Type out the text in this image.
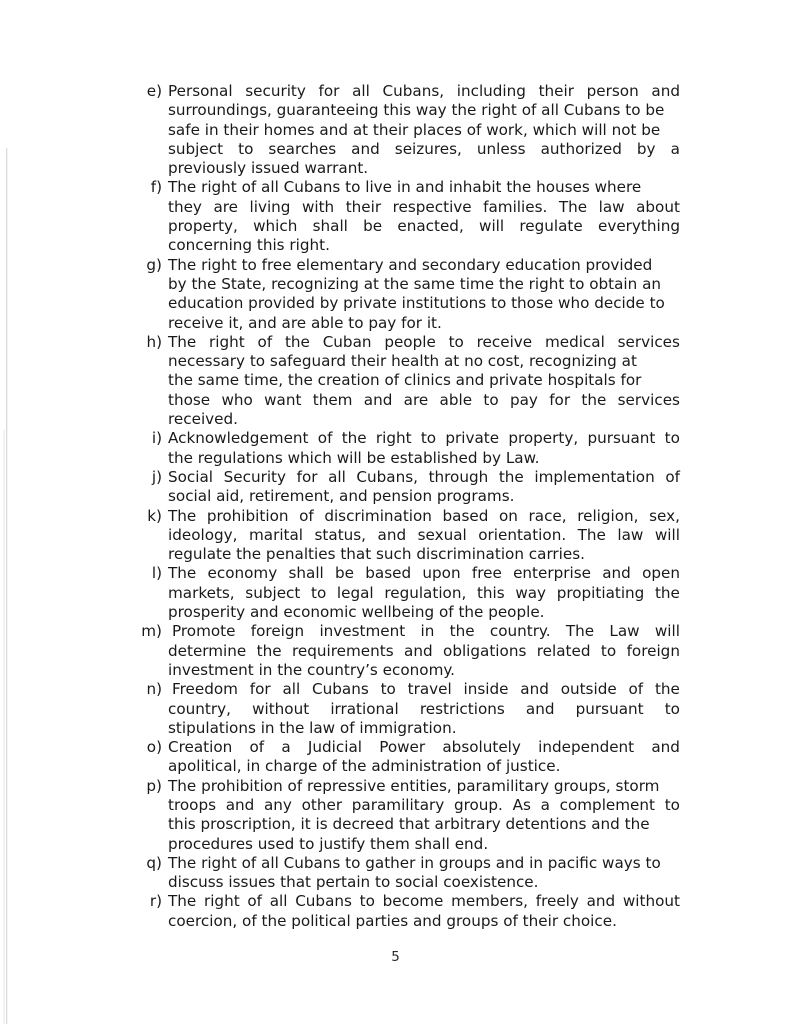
e) Personal security for all Cubans, including their person and
surroundings, guaranteeing this way the right of all Cubans to be
safe in their homes and at their places of work, which will not be
subject to searches and seizures, unless authorized by a
previously issued warrant.
f) The right of all Cubans to live in and inhabit the houses where
they are living with their respective families. The law about
property, which shall be enacted, will regulate everything
concerning this right.
g) The right to free elementary and secondary education provided
by the State, recognizing at the same time the right to obtain an
education provided by private institutions to those who decide to
receive it, and are able to pay for it.
h) The right of the Cuban people to receive medical services
necessary to safeguard their health at no cost, recognizing at
the same time, the creation of clinics and private hospitals for
those who want them and are able to pay for the services
received.
i) Acknowledgement of the right to private property, pursuant to
the regulations which will be established by Law.
j) Social Security for all Cubans, through the implementation of
social aid, retirement, and pension programs.
k) The prohibition of discrimination based on race, religion, sex,
ideology, marital status, and sexual orientation. The law will
regulate the penalties that such discrimination carries.
l) The economy shall be based upon free enterprise and open
markets, subject to legal regulation, this way propitiating the
prosperity and economic wellbeing of the people.
m) Promote foreign investment in the country. The Law will
determine the requirements and obligations related to foreign
investment in the country’s economy.
n) Freedom for all Cubans to travel inside and outside of the
country, without irrational restrictions and pursuant to
stipulations in the law of immigration.
o) Creation of a Judicial Power absolutely independent and
apolitical, in charge of the administration of justice.
p) The prohibition of repressive entities, paramilitary groups, storm
troops and any other paramilitary group. As a complement to
this proscription, it is decreed that arbitrary detentions and the
procedures used to justify them shall end.
q) The right of all Cubans to gather in groups and in pacific ways to
discuss issues that pertain to social coexistence.
r) The right of all Cubans to become members, freely and without
coercion, of the political parties and groups of their choice.
5
